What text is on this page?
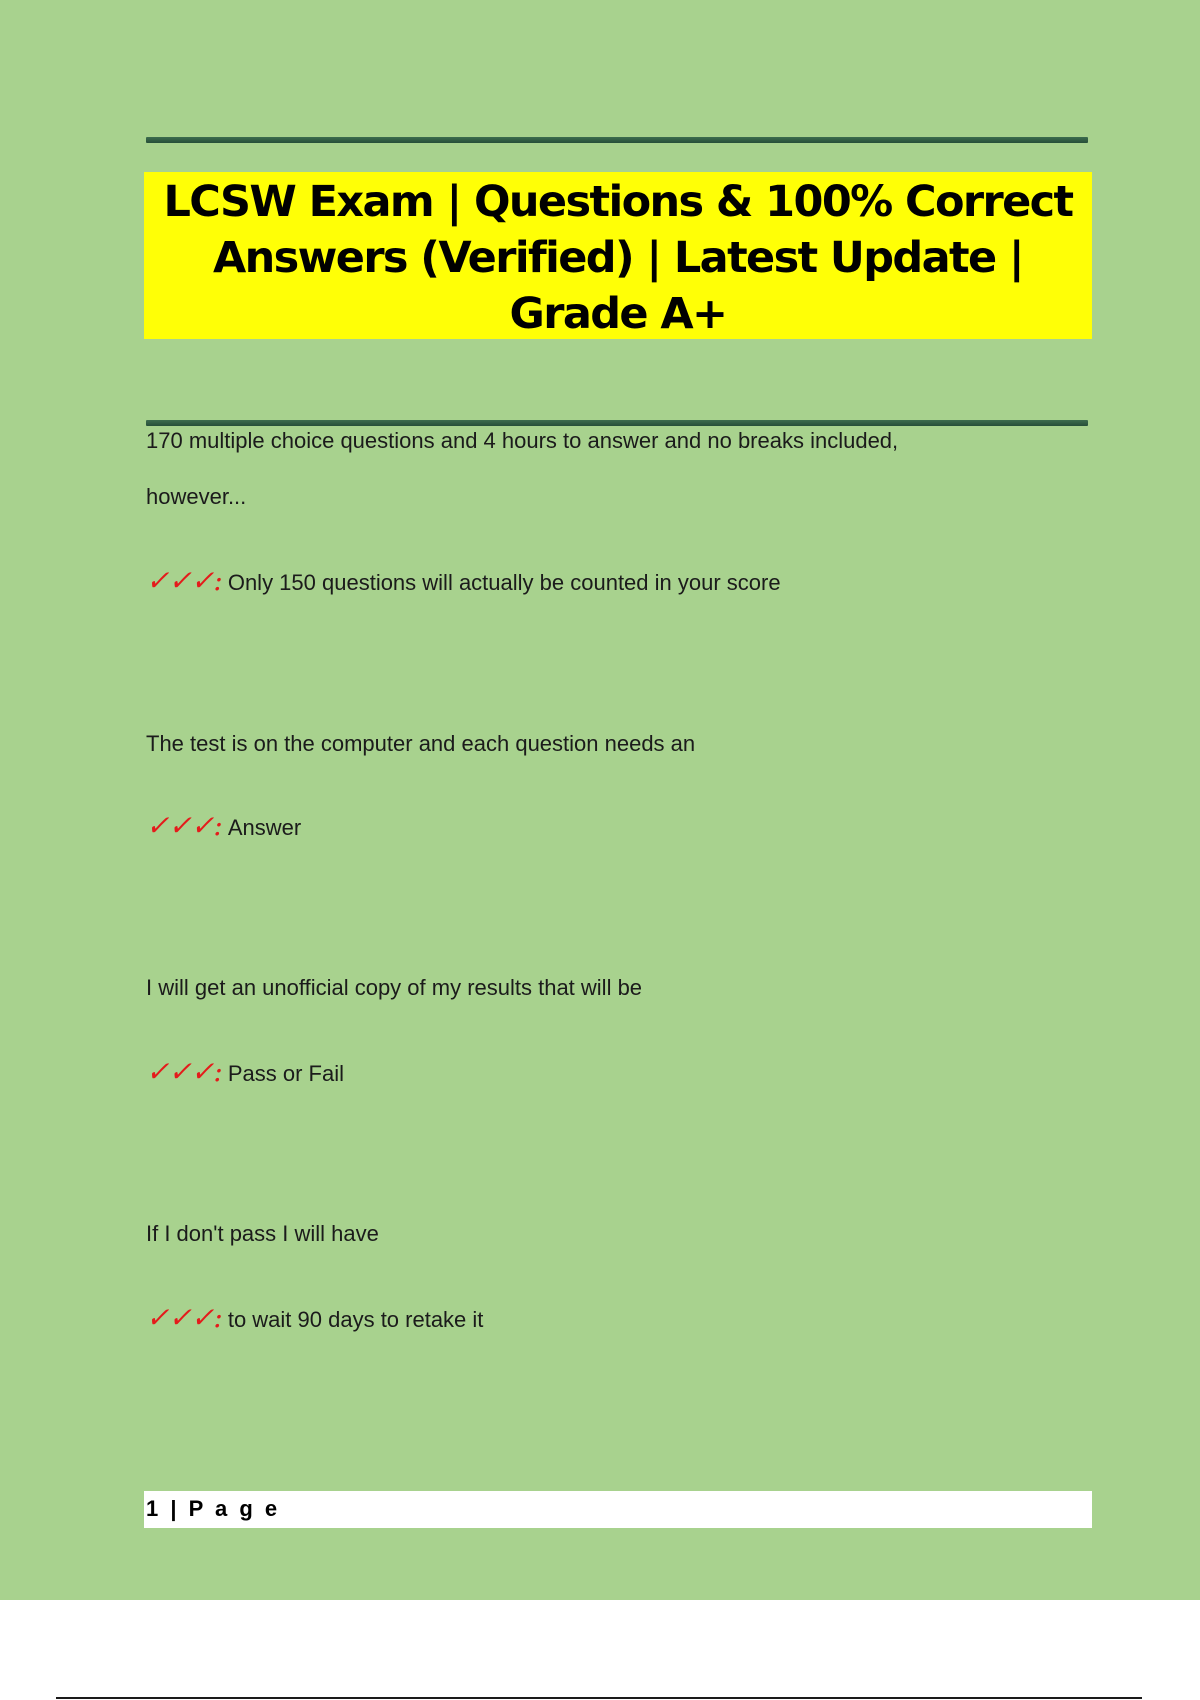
LCSW Exam | Questions & 100% Correct Answers (Verified) | Latest Update | Grade A+
170 multiple choice questions and 4 hours to answer and no breaks included,
however...
✓✓✓: Only 150 questions will actually be counted in your score
The test is on the computer and each question needs an
✓✓✓: Answer
I will get an unofficial copy of my results that will be
✓✓✓: Pass or Fail
If I don't pass I will have
✓✓✓: to wait 90 days to retake it
1 | P a g e
